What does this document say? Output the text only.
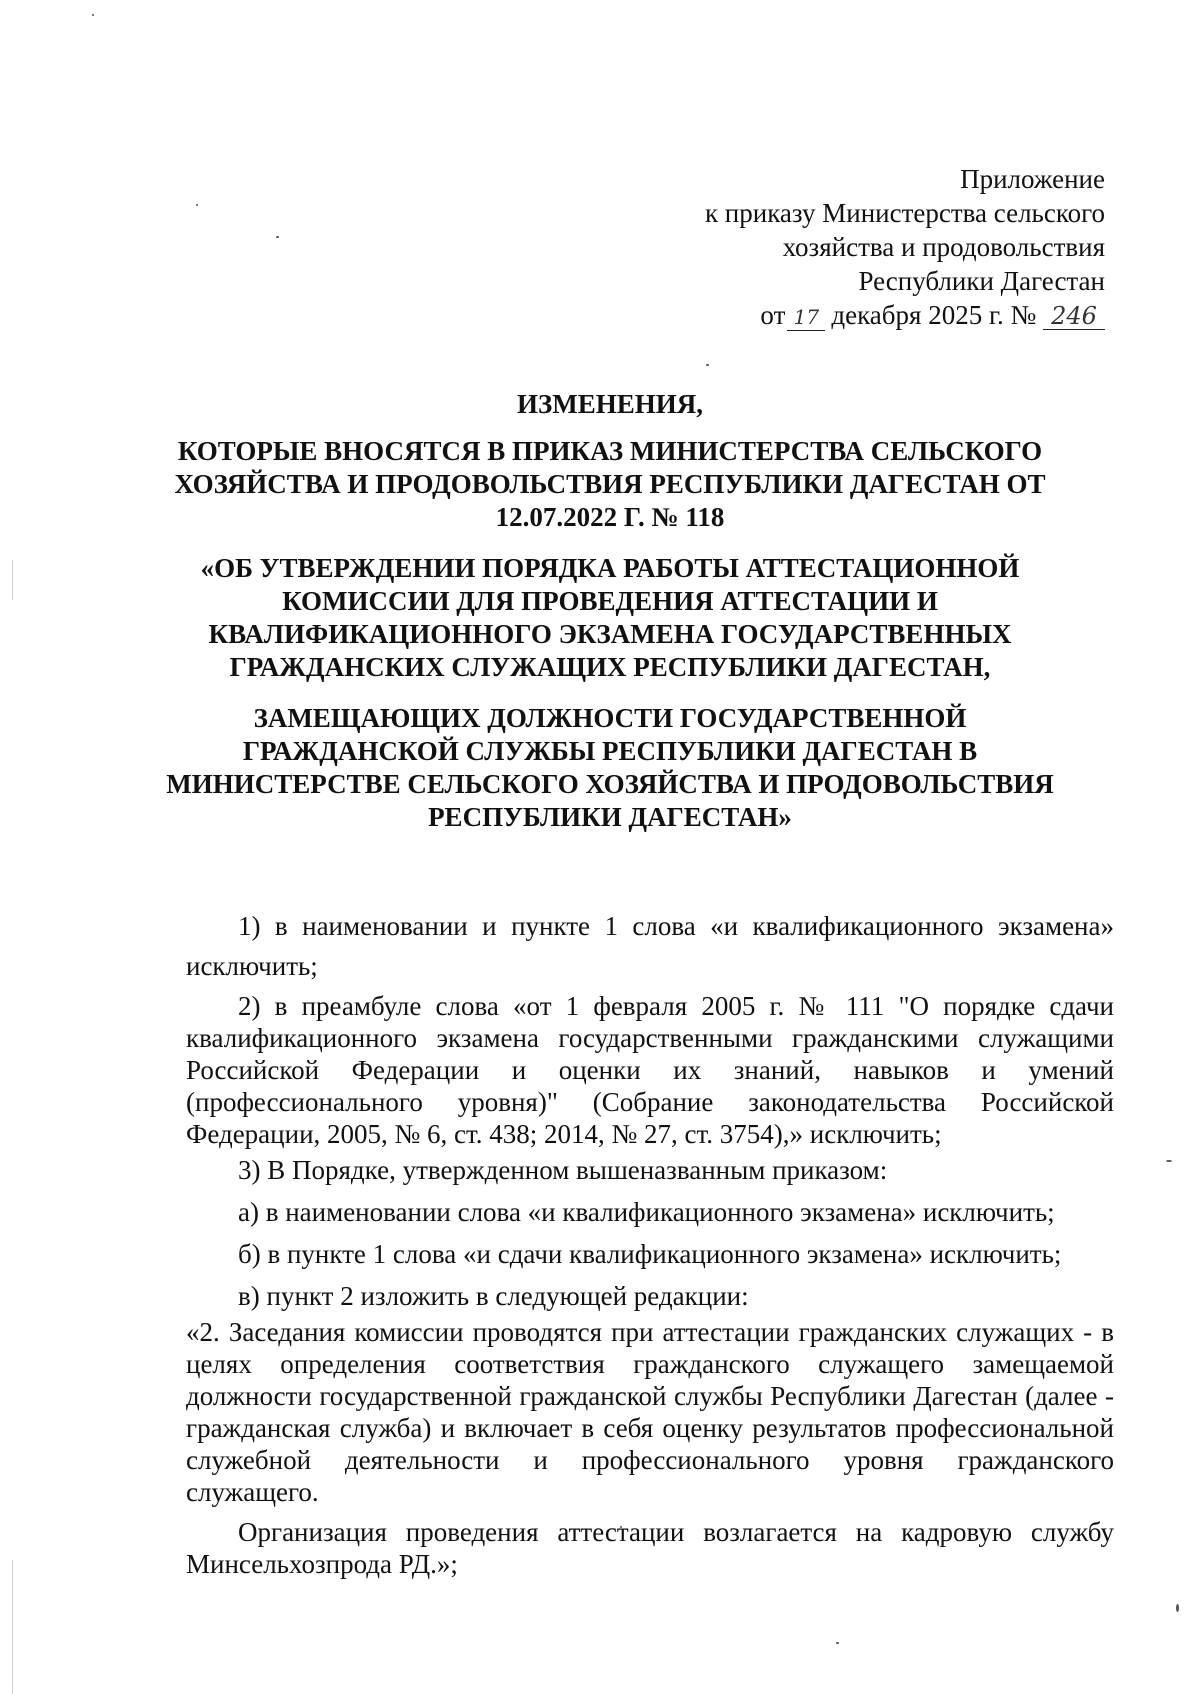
Приложение
к приказу Министерства сельского
хозяйства и продовольствия
Республики Дагестан
от 17 декабря 2025 г. № 246
ИЗМЕНЕНИЯ,
КОТОРЫЕ ВНОСЯТСЯ В ПРИКАЗ МИНИСТЕРСТВА СЕЛЬСКОГО ХОЗЯЙСТВА И ПРОДОВОЛЬСТВИЯ РЕСПУБЛИКИ ДАГЕСТАН ОТ 12.07.2022 Г. № 118
«ОБ УТВЕРЖДЕНИИ ПОРЯДКА РАБОТЫ АТТЕСТАЦИОННОЙ КОМИССИИ ДЛЯ ПРОВЕДЕНИЯ АТТЕСТАЦИИ И КВАЛИФИКАЦИОННОГО ЭКЗАМЕНА ГОСУДАРСТВЕННЫХ ГРАЖДАНСКИХ СЛУЖАЩИХ РЕСПУБЛИКИ ДАГЕСТАН,
ЗАМЕЩАЮЩИХ ДОЛЖНОСТИ ГОСУДАРСТВЕННОЙ ГРАЖДАНСКОЙ СЛУЖБЫ РЕСПУБЛИКИ ДАГЕСТАН В МИНИСТЕРСТВЕ СЕЛЬСКОГО ХОЗЯЙСТВА И ПРОДОВОЛЬСТВИЯ РЕСПУБЛИКИ ДАГЕСТАН»

1) в наименовании и пункте 1 слова «и квалификационного экзамена» исключить;

2) в преамбуле слова «от 1 февраля 2005 г. № 111 "О порядке сдачи квалификационного экзамена государственными гражданскими служащими Российской Федерации и оценки их знаний, навыков и умений (профессионального уровня)" (Собрание законодательства Российской Федерации, 2005, № 6, ст. 438; 2014, № 27, ст. 3754),» исключить;

3) В Порядке, утвержденном вышеназванным приказом:

а) в наименовании слова «и квалификационного экзамена» исключить;

б) в пункте 1 слова «и сдачи квалификационного экзамена» исключить;

в) пункт 2 изложить в следующей редакции:

«2. Заседания комиссии проводятся при аттестации гражданских служащих - в целях определения соответствия гражданского служащего замещаемой должности государственной гражданской службы Республики Дагестан (далее - гражданская служба) и включает в себя оценку результатов профессиональной служебной деятельности и профессионального уровня гражданского служащего.

Организация проведения аттестации возлагается на кадровую службу Минсельхозпрода РД.»;
